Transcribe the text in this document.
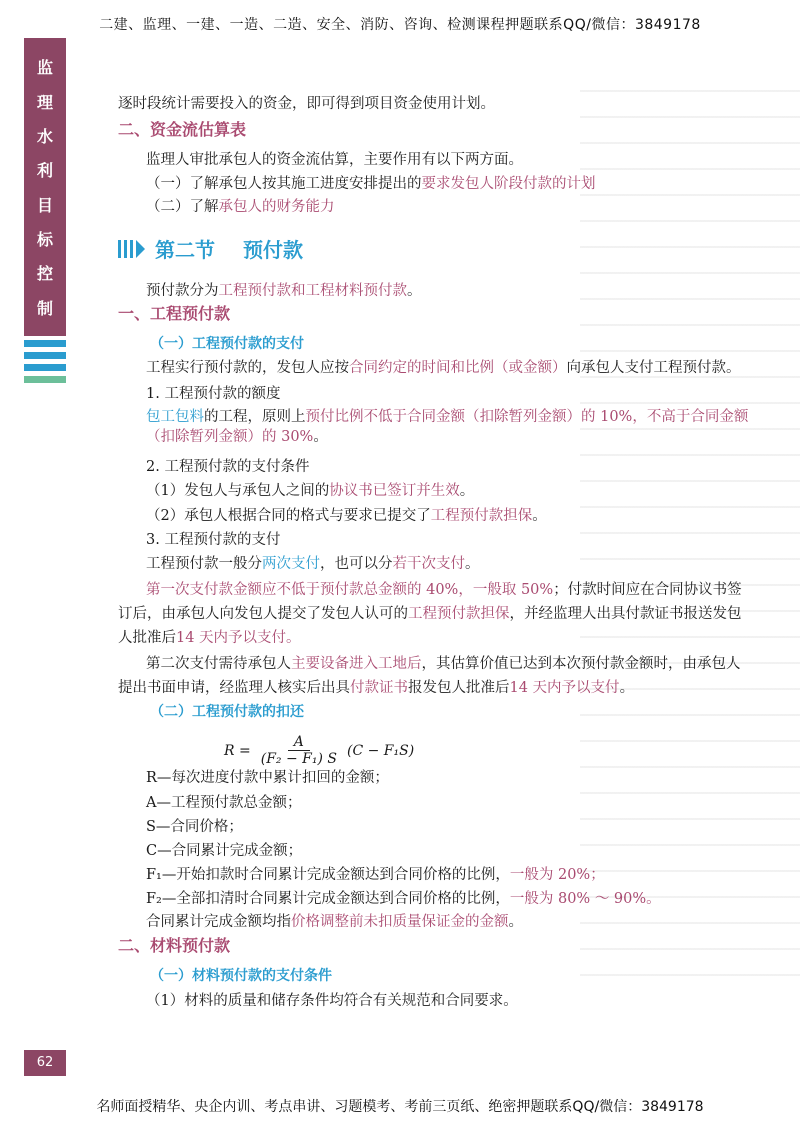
二建、监理、一建、一造、二造、安全、消防、咨询、检测课程押题联系QQ/微信：3849178
监
理
水
利
目
标
控
制
逐时段统计需要投入的资金，即可得到项目资金使用计划。
二、资金流估算表
监理人审批承包人的资金流估算，主要作用有以下两方面。
（一）了解承包人按其施工进度安排提出的要求发包人阶段付款的计划
（二）了解承包人的财务能力
第二节 预付款
预付款分为工程预付款和工程材料预付款。
一、工程预付款
（一）工程预付款的支付
工程实行预付款的，发包人应按合同约定的时间和比例（或金额）向承包人支付工程预付款。
1. 工程预付款的额度
包工包料的工程，原则上预付比例不低于合同金额（扣除暂列金额）的 10%，不高于合同金额（扣除暂列金额）的 30%。
2. 工程预付款的支付条件
（1）发包人与承包人之间的协议书已签订并生效。
（2）承包人根据合同的格式与要求已提交了工程预付款担保。
3. 工程预付款的支付
工程预付款一般分两次支付，也可以分若干次支付。
第一次支付款金额应不低于预付款总金额的 40%，一般取 50%；付款时间应在合同协议书签订后，由承包人向发包人提交了发包人认可的工程预付款担保，并经监理人出具付款证书报送发包人批准后14 天内予以支付。
第二次支付需待承包人主要设备进入工地后，其估算价值已达到本次预付款金额时，由承包人提出书面申请，经监理人核实后出具付款证书报发包人批准后14 天内予以支付。
（二）工程预付款的扣还
$R = \frac{A}{\text{(F₂ − F₁) S}} (C - F_1S)$
R—每次进度付款中累计扣回的金额；
A—工程预付款总金额；
S—合同价格；
C—合同累计完成金额；
F₁—开始扣款时合同累计完成金额达到合同价格的比例，一般为 20%；
F₂—全部扣清时合同累计完成金额达到合同价格的比例，一般为 80% ～ 90%。
合同累计完成金额均指价格调整前未扣质量保证金的金额。
二、材料预付款
（一）材料预付款的支付条件
（1）材料的质量和储存条件均符合有关规范和合同要求。
62
名师面授精华、央企内训、考点串讲、习题模考、考前三页纸、绝密押题联系QQ/微信：3849178
